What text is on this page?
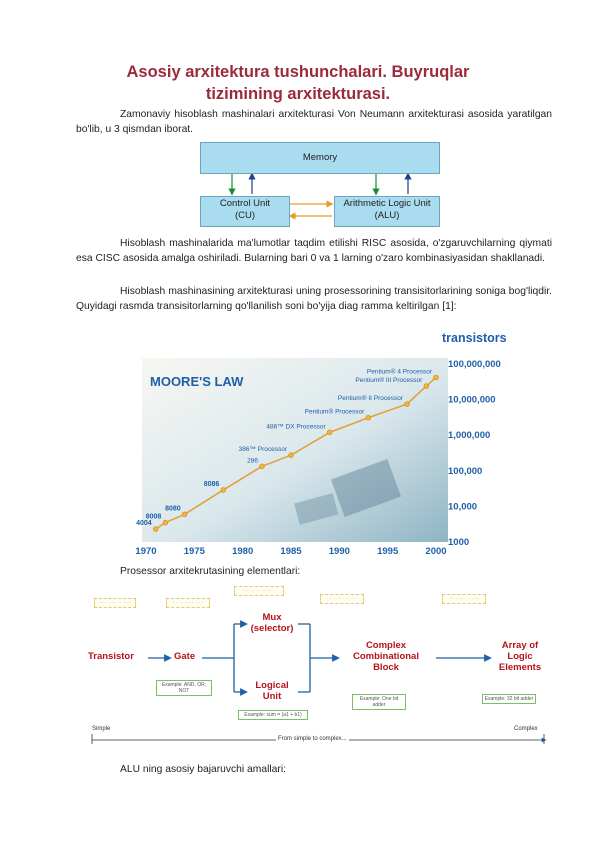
Asosiy arxitektura tushunchalari. Buyruqlar
tizimining arxitekturasi.
Zamonaviy hisoblash mashinalari arxitekturasi Von Neumann arxitekturasi asosida yaratilgan bo'lib, u 3 qismdan iborat.
Memory
Control Unit
(CU)
Arithmetic Logic Unit
(ALU)
Hisoblash mashinalarida ma'lumotlar taqdim etilishi RISC asosida, o'zgaruvchilarning qiymati esa CISC asosida amalga oshiriladi. Bularning bari 0 va 1 larning o'zaro kombinasiyasidan shakllanadi.
Hisoblash mashinasining arxitekturasi uning prosessorining transisitorlarining soniga bog'liqdir. Quyidagi rasmda transisitorlarning qo'llanilish soni bo'yija diag ramma keltirilgan [1]:
MOORE'S LAW
transistors
1970	1975	1980	1985	1990	1995	2000
1000
10,000
100,000
1,000,000
10,000,000
100,000,000
4004
8008
8080
8086
286
386™ Processor
486™ DX Processor
Pentium® Processor
Pentium® II Processor
Pentium® III Processor
Pentium® 4 Processor
Prosessor arxitekrutasining elementlari:
···· ·· ···· ·· ·····	···· ·· ···· ·· ·····
···· ·· ···· ·· ·····
···· ·· ···· ·· ·····	···· ·· ···· ·· ·····
Transistor	Gate
Mux
(selector)
Logical
Unit
Complex
Combinational
Block
Array of
Logic
Elements
Example: AND, OR, NOT
Example: sum = (a1 + b1)
Example: One bit adder
Example: 32 bit adder
Simple	Complex
From simple to complex...
ALU ning asosiy bajaruvchi amallari:
